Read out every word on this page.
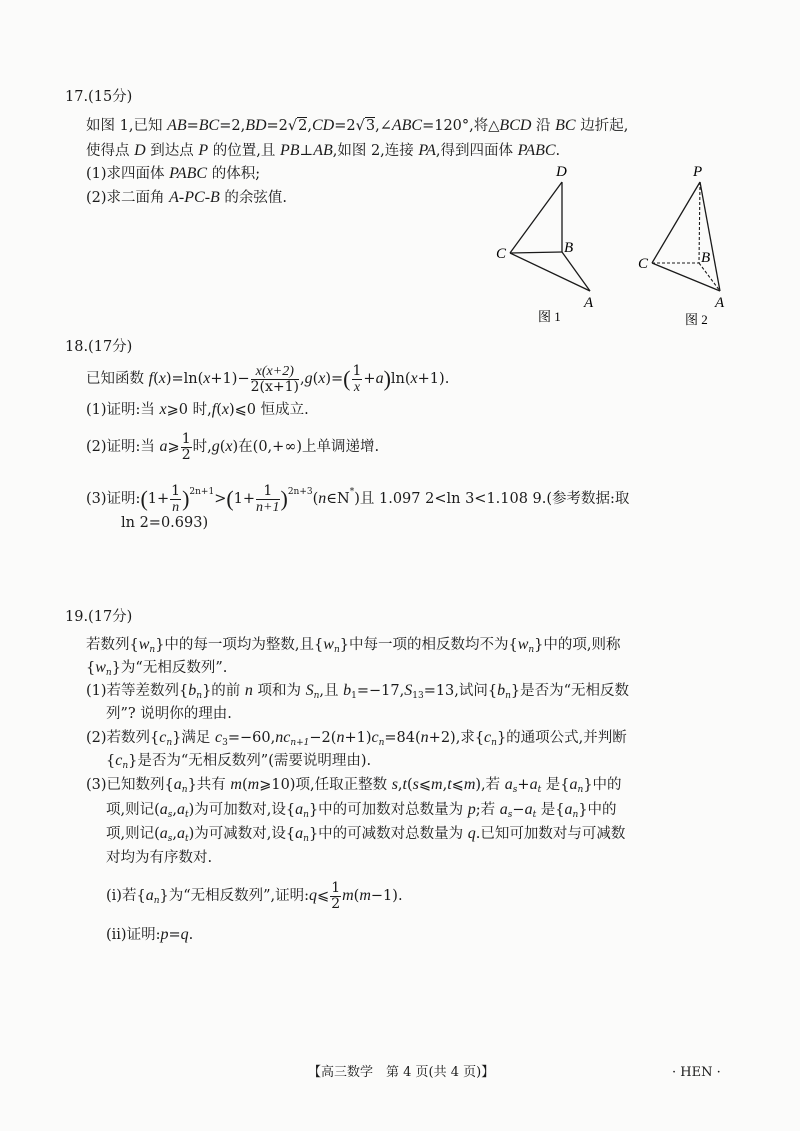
17.(15分)
如图 1,已知 AB=BC=2,BD=2√2,CD=2√3,∠ABC=120°,将△BCD 沿 BC 边折起,
使得点 D 到达点 P 的位置,且 PB⊥AB,如图 2,连接 PA,得到四面体 PABC.
(1)求四面体 PABC 的体积;
(2)求二面角 A-PC-B 的余弦值.
D
C	B
A
图 1
P
C	B
A
图 2
18.(17分)
已知函数 $f(x)=\ln(x+1)- \frac{x(x+2)}{2(x+1)} ,g(x)=( \frac{1}{x} +a)\ln(x+1)$.
(1)证明:当 x⩾0 时,f(x)⩽0 恒成立.
(2)证明:当 a⩾ $\frac{1}{2}$ 时,g(x)在(0,+∞)上单调递增.
(3)证明:(1+ $\frac{1}{n} )^{2n+1}>(1+ \frac{1}{n+1}$ )$^{2n+3}(n\in N^*)$且 1.097 2<ln 3<1.108 9.(参考数据:取
ln 2=0.693)
19.(17分)
若数列$\{w_n\}$中的每一项均为整数,且$\{w_n\}$中每一项的相反数均不为$\{w_n\}$中的项,则称
$\{w_n\}$为“无相反数列”.
(1)若等差数列$\{b_n\}$的前 n 项和为 $S_n$,且 $b_1=-17,S_{13}=13$,试问$\{b_n\}$是否为“无相反数
列”? 说明你的理由.
(2)若数列$\{c_n\}$满足 $c_3=-60,nc_{n+1}-2(n+1)c_n=84(n+2)$,求$\{c_n\}$的通项公式,并判断
$\{c_n\}$是否为“无相反数列”(需要说明理由).
(3)已知数列$\{a_n\}$共有 m(m⩾10)项,任取正整数 s,t(s⩽m,t⩽m),若 $a_s+a_t$ 是$\{a_n\}$中的
项,则记$(a_s,a_t)$为可加数对,设$\{a_n\}$中的可加数对总数量为 p;若 $a_s-a_t$ 是$\{a_n\}$中的
项,则记$(a_s,a_t)$为可减数对,设$\{a_n\}$中的可减数对总数量为 q.已知可加数对与可减数
对均为有序数对.
(ⅰ)若$\{a_n\}$为“无相反数列”,证明:q⩽ $\frac{1}{2} m(m-1)$.
(ⅱ)证明:p=q.
【高三数学　第 4 页(共 4 页)】	· HEN ·
